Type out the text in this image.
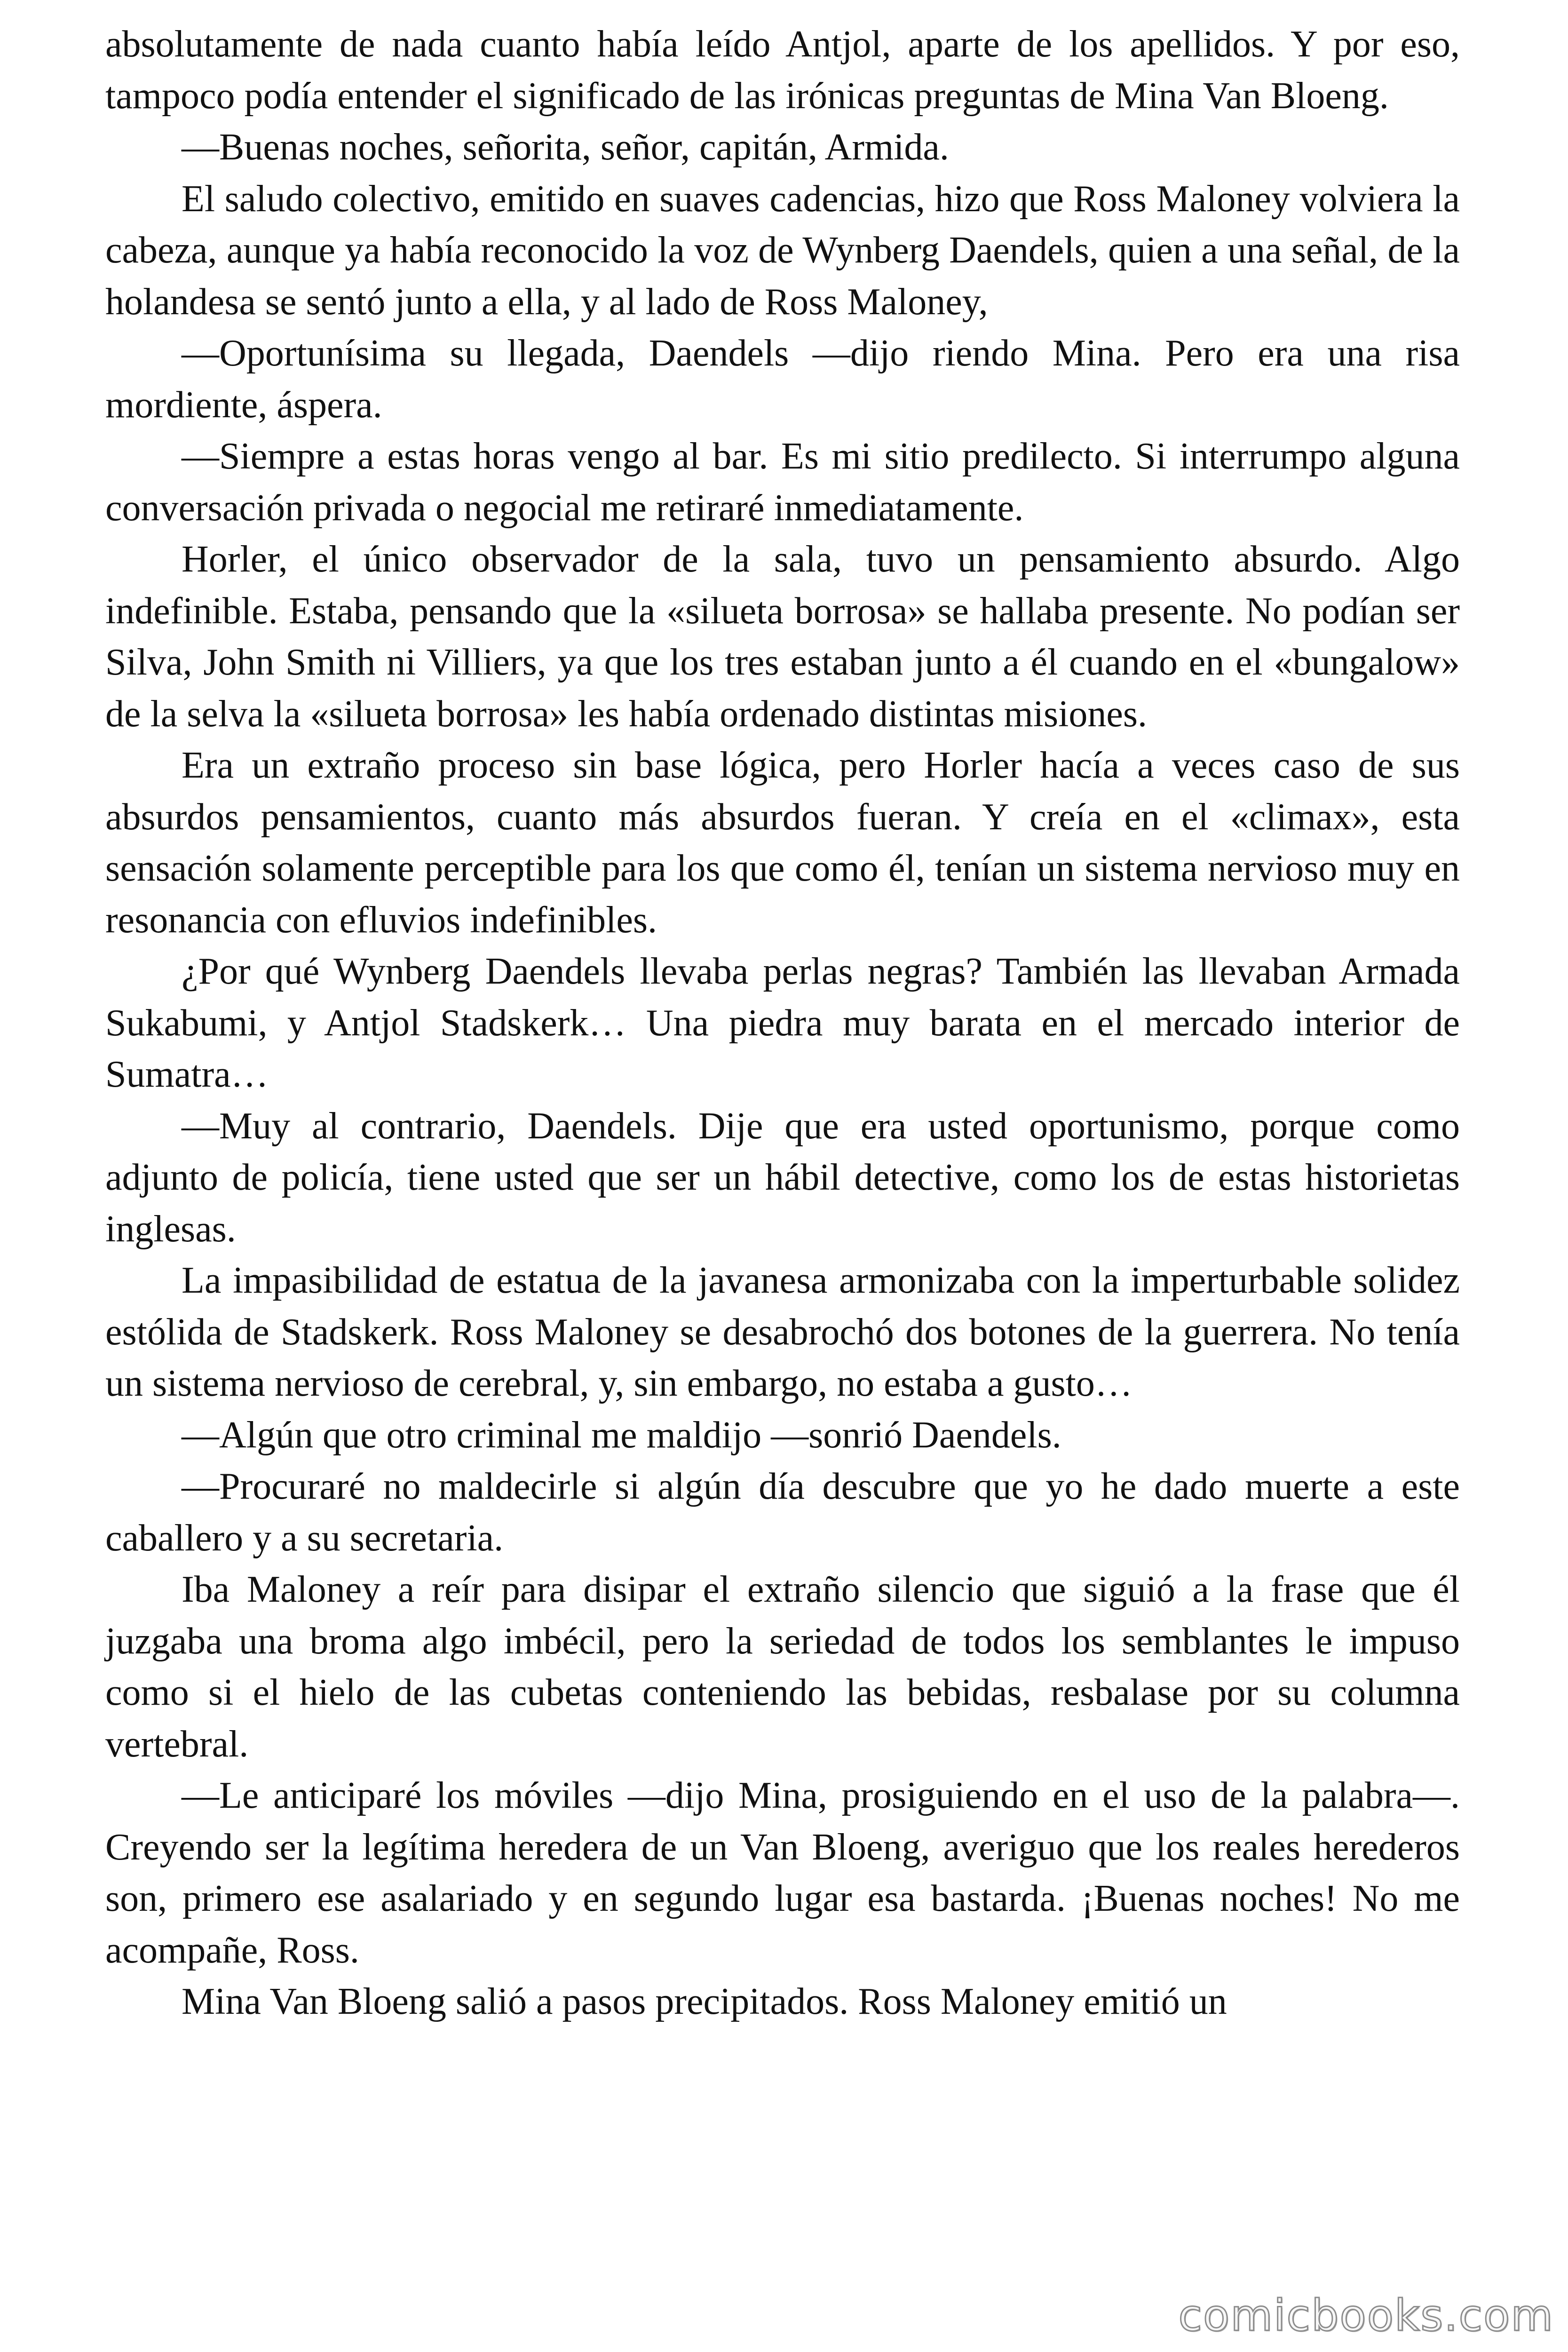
absolutamente de nada cuanto había leído Antjol, aparte de los apellidos. Y por eso, tampoco podía entender el significado de las irónicas preguntas de Mina Van Bloeng.

—Buenas noches, señorita, señor, capitán, Armida.

El saludo colectivo, emitido en suaves cadencias, hizo que Ross Maloney volviera la cabeza, aunque ya había reconocido la voz de Wynberg Daendels, quien a una señal, de la holandesa se sentó junto a ella, y al lado de Ross Maloney,

—Oportunísima su llegada, Daendels —dijo riendo Mina. Pero era una risa mordiente, áspera.

—Siempre a estas horas vengo al bar. Es mi sitio predilecto. Si interrumpo alguna conversación privada o negocial me retiraré inmediatamente.

Horler, el único observador de la sala, tuvo un pensamiento absurdo. Algo indefinible. Estaba, pensando que la «silueta borrosa» se hallaba presente. No podían ser Silva, John Smith ni Villiers, ya que los tres estaban junto a él cuando en el «bungalow» de la selva la «silueta borrosa» les había ordenado distintas misiones.

Era un extraño proceso sin base lógica, pero Horler hacía a veces caso de sus absurdos pensamientos, cuanto más absurdos fueran. Y creía en el «climax», esta sensación solamente perceptible para los que como él, tenían un sistema nervioso muy en resonancia con efluvios indefinibles.

¿Por qué Wynberg Daendels llevaba perlas negras? También las llevaban Armada Sukabumi, y Antjol Stadskerk… Una piedra muy barata en el mercado interior de Sumatra…

—Muy al contrario, Daendels. Dije que era usted oportunismo, porque como adjunto de policía, tiene usted que ser un hábil detective, como los de estas historietas inglesas.

La impasibilidad de estatua de la javanesa armonizaba con la imperturbable solidez estólida de Stadskerk. Ross Maloney se desabrochó dos botones de la guerrera. No tenía un sistema nervioso de cerebral, y, sin embargo, no estaba a gusto…

—Algún que otro criminal me maldijo —sonrió Daendels.

—Procuraré no maldecirle si algún día descubre que yo he dado muerte a este caballero y a su secretaria.

Iba Maloney a reír para disipar el extraño silencio que siguió a la frase que él juzgaba una broma algo imbécil, pero la seriedad de todos los semblantes le impuso como si el hielo de las cubetas conteniendo las bebidas, resbalase por su columna vertebral.

—Le anticiparé los móviles —dijo Mina, prosiguiendo en el uso de la palabra—. Creyendo ser la legítima heredera de un Van Bloeng, averiguo que los reales herederos son, primero ese asalariado y en segundo lugar esa bastarda. ¡Buenas noches! No me acompañe, Ross.

Mina Van Bloeng salió a pasos precipitados. Ross Maloney emitió un

comicbooks.com
